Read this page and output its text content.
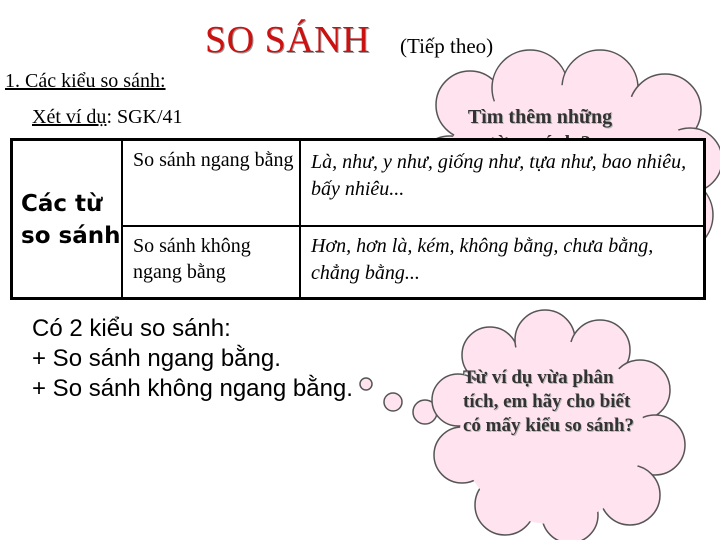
SO SÁNH (Tiếp theo)
1. Các kiểu so sánh:
Xét ví dụ: SGK/41	Tìm thêm những
Từ ví dụ vừa phân tích, em hãy cho biết có mấy kiểu so sánh?
Các từ
so sánh
So sánh ngang bằng Là, như, y như, giống như, tựa như, bao nhiêu, bấy nhiêu...
So sánh không ngang bằng
Hơn, hơn là, kém, không bằng, chưa bằng, chẳng bằng...
Có 2 kiểu so sánh:
+ So sánh ngang bằng.
+ So sánh không ngang bằng.
